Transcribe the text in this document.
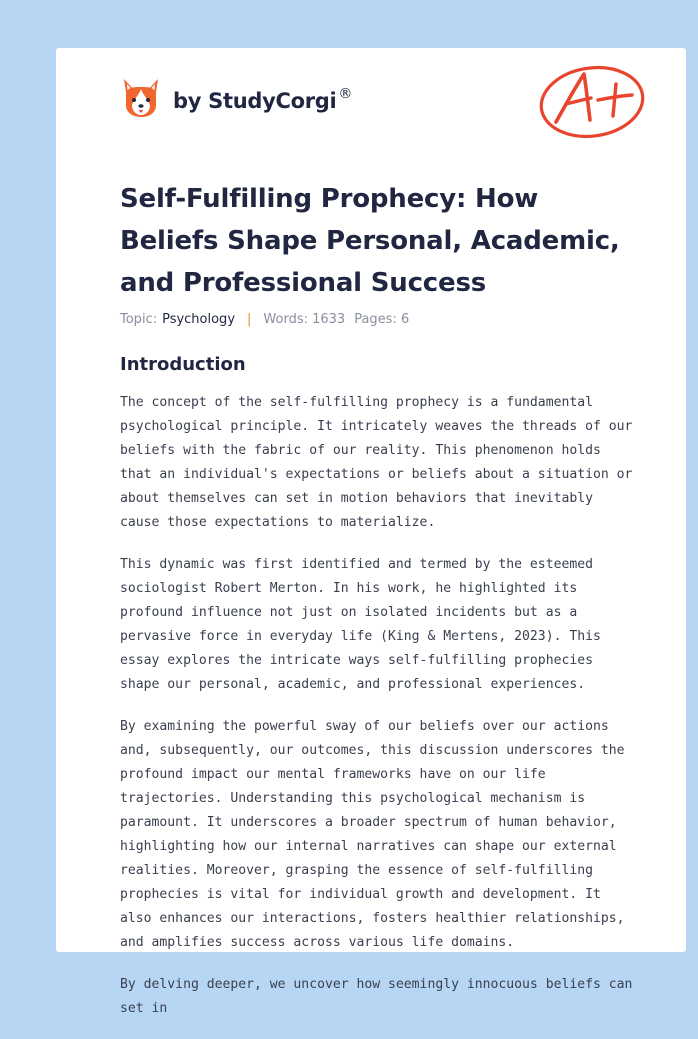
by StudyCorgi ®
Self-Fulfilling Prophecy: How Beliefs Shape Personal, Academic, and Professional Success
Topic: Psychology | Words: 1633 Pages: 6
Introduction

The concept of the self-fulfilling prophecy is a fundamental psychological principle. It intricately weaves the threads of our beliefs with the fabric of our reality. This phenomenon holds that an individual's expectations or beliefs about a situation or about themselves can set in motion behaviors that inevitably cause those expectations to materialize.

This dynamic was first identified and termed by the esteemed sociologist Robert Merton. In his work, he highlighted its profound influence not just on isolated incidents but as a pervasive force in everyday life (King & Mertens, 2023). This essay explores the intricate ways self-fulfilling prophecies shape our personal, academic, and professional experiences.

By examining the powerful sway of our beliefs over our actions and, subsequently, our outcomes, this discussion underscores the profound impact our mental frameworks have on our life trajectories. Understanding this psychological mechanism is paramount. It underscores a broader spectrum of human behavior, highlighting how our internal narratives can shape our external realities. Moreover, grasping the essence of self-fulfilling prophecies is vital for individual growth and development. It also enhances our interactions, fosters healthier relationships, and amplifies success across various life domains.

By delving deeper, we uncover how seemingly innocuous beliefs can set in
